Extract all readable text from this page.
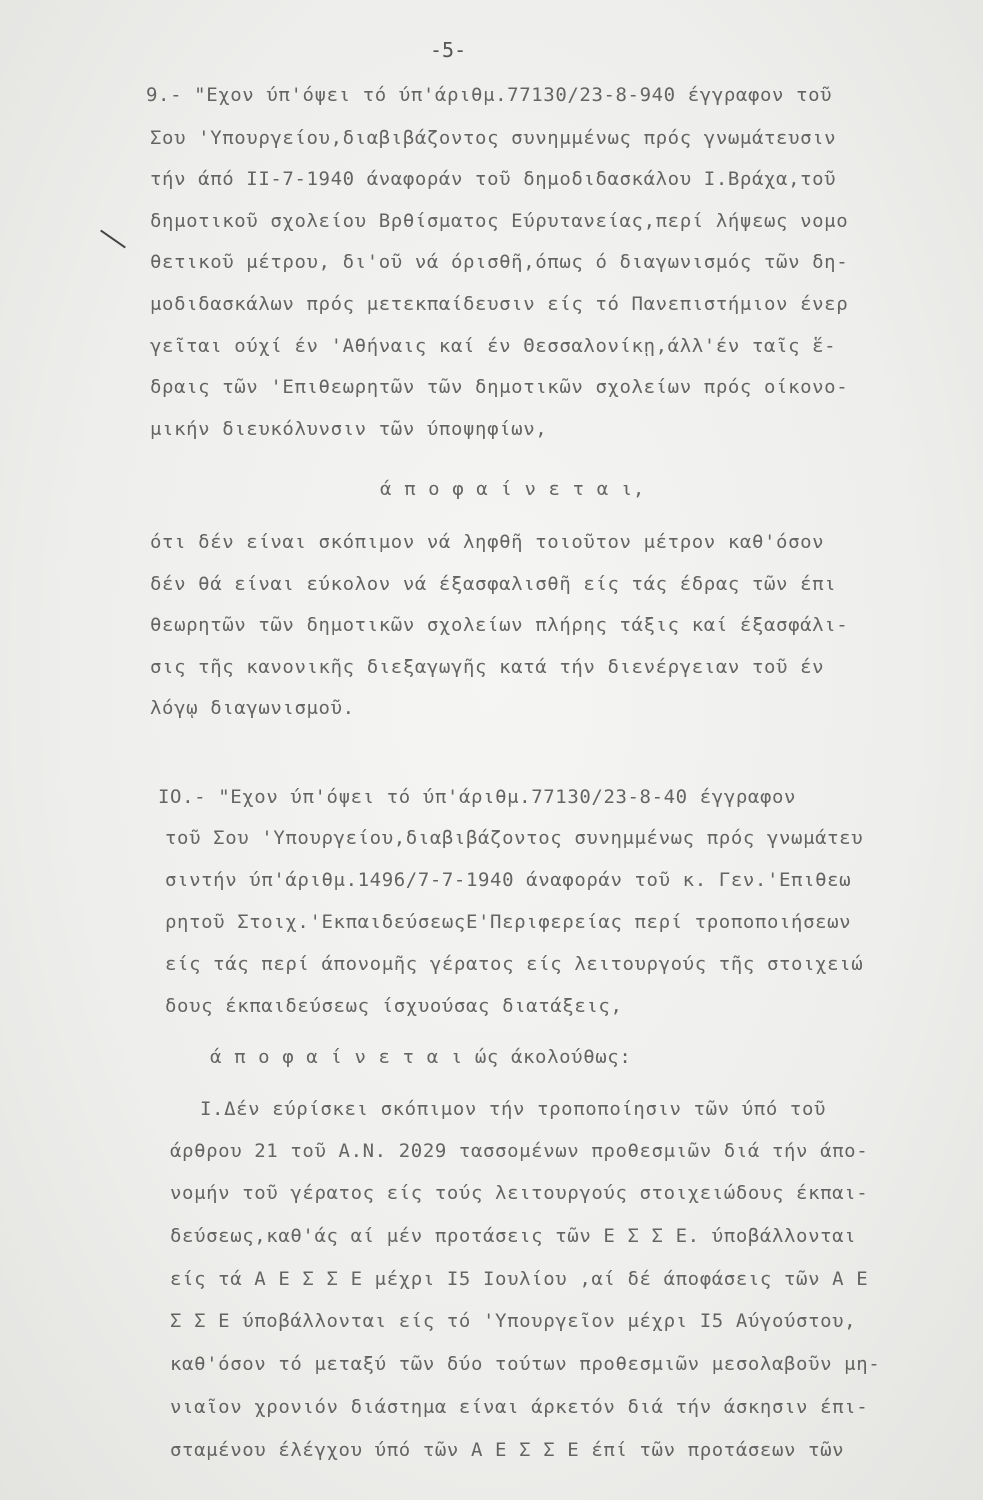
-5-
9.- "Εχον ύπ'όψει τό ύπ'άριθμ.77130/23-8-940 έγγραφον τοῦ
Σου 'Υπουργείου,διαβιβάζοντος συνημμένως πρός γνωμάτευσιν
τήν άπό ΙΙ-7-1940 άναφοράν τοῦ δημοδιδασκάλου Ι.Βράχα,τοῦ
δημοτικοῦ σχολείου Βρθίσματος Εύρυτανείας,περί λήψεως νομο
θετικοῦ μέτρου, δι'οῦ νά όρισθῆ,όπως ό διαγωνισμός τῶν δη-
μοδιδασκάλων πρός μετεκπαίδευσιν είς τό Πανεπιστήμιον ένερ
γεῖται ούχί έν 'Αθήναις καί έν Θεσσαλονίκῃ,άλλ'έν ταῖς ἕ-
δραις τῶν 'Επιθεωρητῶν τῶν δημοτικῶν σχολείων πρός οίκονο-
μικήν διευκόλυνσιν τῶν ύποψηφίων,
ά π ο φ α ί ν ε τ α ι,
ότι δέν είναι σκόπιμον νά ληφθῆ τοιοῦτον μέτρον καθ'όσον
δέν θά είναι εύκολον νά έξασφαλισθῆ είς τάς έδρας τῶν έπι
θεωρητῶν τῶν δημοτικῶν σχολείων πλήρης τάξις καί έξασφάλι-
σις τῆς κανονικῆς διεξαγωγῆς κατά τήν διενέργειαν τοῦ έν
λόγῳ διαγωνισμοῦ.
ΙΟ.- "Εχον ύπ'όψει τό ύπ'άριθμ.77130/23-8-40 έγγραφον
τοῦ Σου 'Υπουργείου,διαβιβάζοντος συνημμένως πρός γνωμάτευ
σιντήν ύπ'άριθμ.1496/7-7-1940 άναφοράν τοῦ κ. Γεν.'Επιθεω
ρητοῦ Στοιχ.'ΕκπαιδεύσεωςΕ'Περιφερείας περί τροποποιήσεων
είς τάς περί άπονομῆς γέρατος είς λειτουργούς τῆς στοιχειώ
δους έκπαιδεύσεως ίσχυούσας διατάξεις,
ά π ο φ α ί ν ε τ α ι ώς άκολούθως:
Ι.Δέν εύρίσκει σκόπιμον τήν τροποποίησιν τῶν ύπό τοῦ
άρθρου 21 τοῦ Α.Ν. 2029 τασσομένων προθεσμιῶν διά τήν άπο-
νομήν τοῦ γέρατος είς τούς λειτουργούς στοιχειώδους έκπαι-
δεύσεως,καθ'άς αί μέν προτάσεις τῶν Ε Σ Σ Ε. ύποβάλλονται
είς τά Α Ε Σ Σ Ε μέχρι Ι5 Ιουλίου ,αί δέ άποφάσεις τῶν Α Ε
Σ Σ Ε ύποβάλλονται είς τό 'Υπουργεῖον μέχρι Ι5 Αύγούστου,
καθ'όσον τό μεταξύ τῶν δύο τούτων προθεσμιῶν μεσολαβοῦν μη-
νιαῖον χρονιόν διάστημα είναι άρκετόν διά τήν άσκησιν έπι-
σταμένου έλέγχου ύπό τῶν Α Ε Σ Σ Ε έπί τῶν προτάσεων τῶν
